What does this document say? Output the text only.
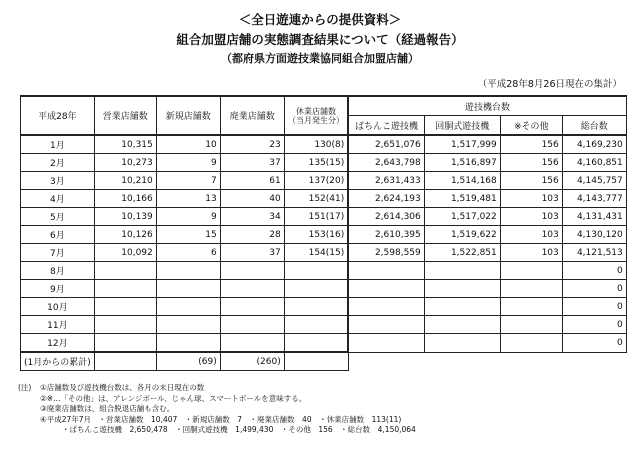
＜全日遊連からの提供資料＞
組合加盟店舗の実態調査結果について（経過報告）
（都府県方面遊技業協同組合加盟店舗）
（平成28年8月26日現在の集計）
平成28年	営業店舗数	新規店舗数	廃業店舗数	休業店舗数
（当月発生分）	遊技機台数			
					ぱちんこ遊技機	回胴式遊技機	※その他	総台数
1月	10,315	10	23	130(8)	2,651,076	1,517,999	156	4,169,230
2月	10,273	9	37	135(15)	2,643,798	1,516,897	156	4,160,851
3月	10,210	7	61	137(20)	2,631,433	1,514,168	156	4,145,757
4月	10,166	13	40	152(41)	2,624,193	1,519,481	103	4,143,777
5月	10,139	9	34	151(17)	2,614,306	1,517,022	103	4,131,431
6月	10,126	15	28	153(16)	2,610,395	1,519,622	103	4,130,120
7月	10,092	6	37	154(15)	2,598,559	1,522,851	103	4,121,513
8月								0
9月								0
10月								0
11月								0
12月								0
(1月からの累計)		(69)	(260)					
(注) ①店舗数及び遊技機台数は、各月の末日現在の数
②※…「その他」は、アレンジボール、じゃん球、スマートボールを意味する。
③廃業店舗数は、組合脱退店舗も含む。
④平成27年7月　・営業店舗数　10,407　・新規店舗数　7　・廃業店舗数　40　・休業店舗数　113(11)
・ぱちんこ遊技機　2,650,478　・回胴式遊技機　1,499,430　・その他　156　・総台数　4,150,064
